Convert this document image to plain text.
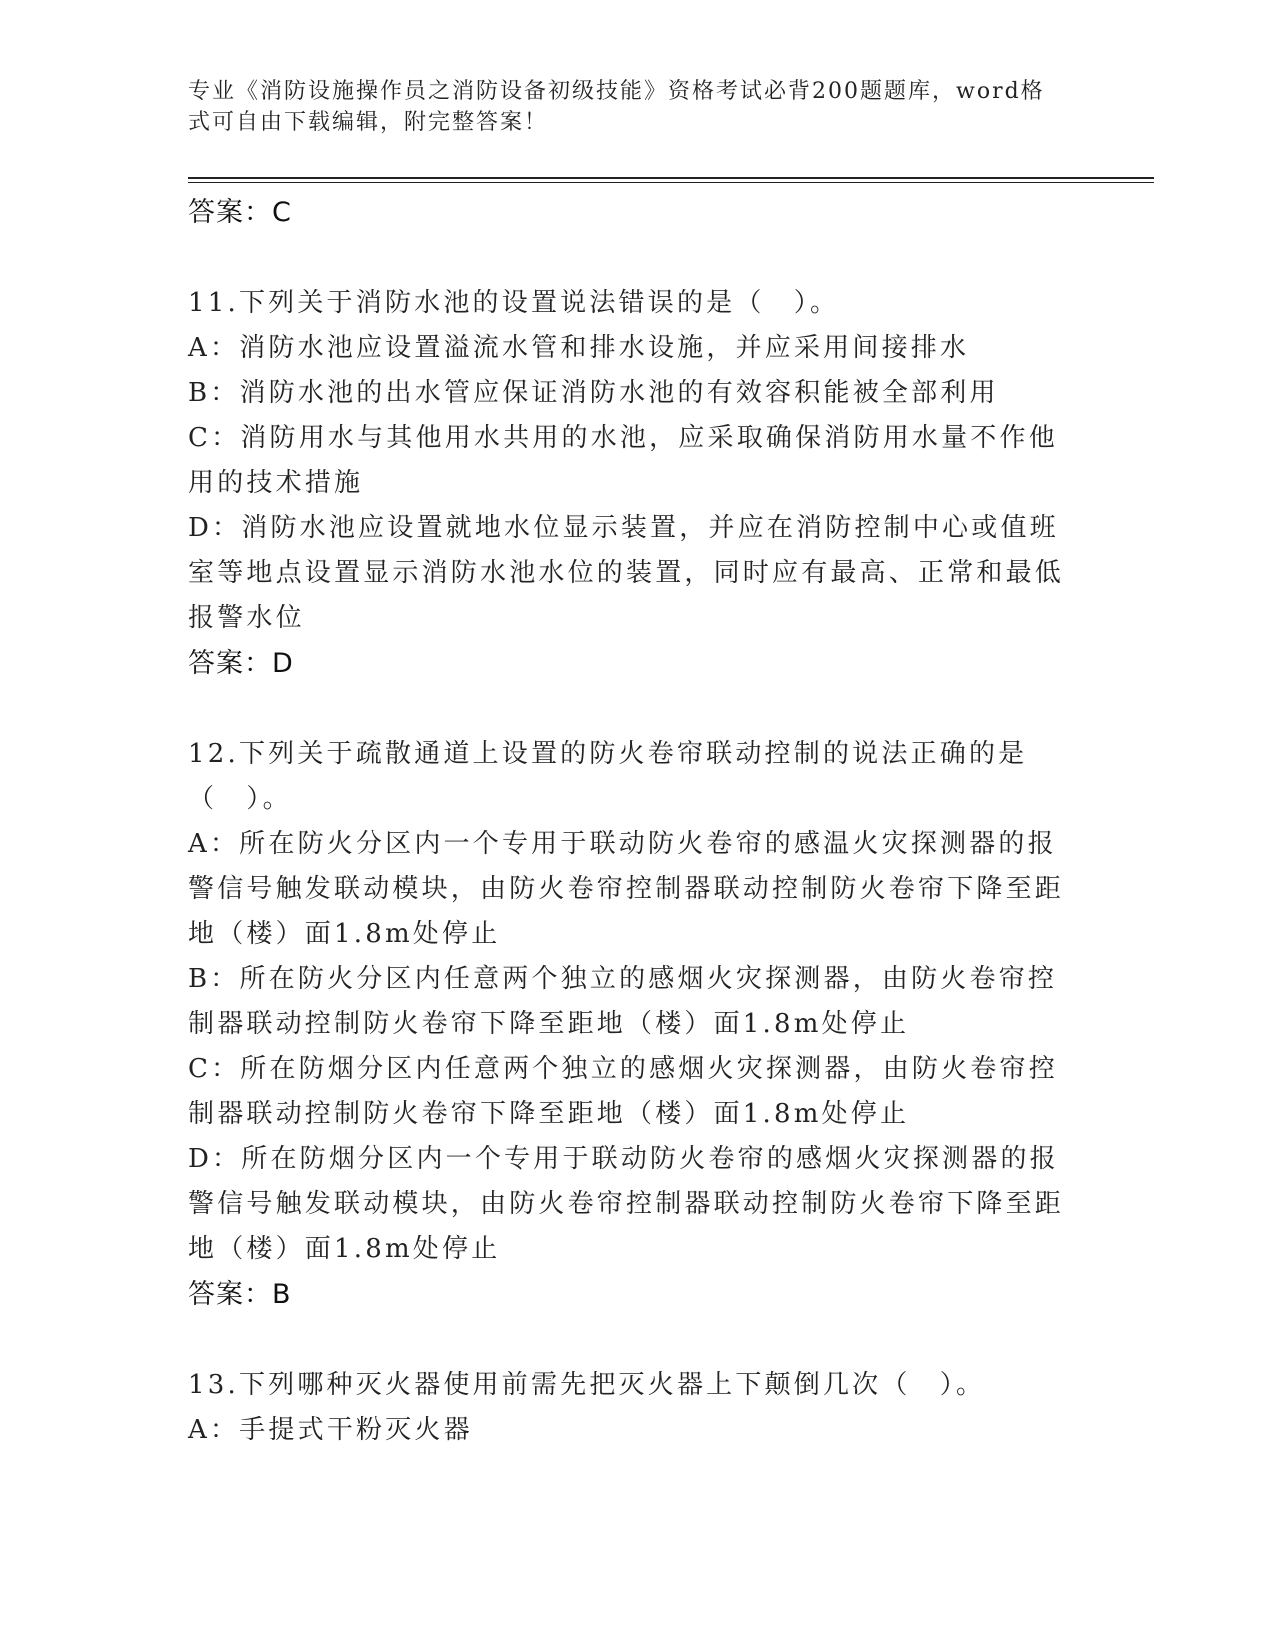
专业《消防设施操作员之消防设备初级技能》资格考试必背200题题库，word格式可自由下载编辑，附完整答案！
答案：C
11.下列关于消防水池的设置说法错误的是（　）。
A：消防水池应设置溢流水管和排水设施，并应采用间接排水
B：消防水池的出水管应保证消防水池的有效容积能被全部利用
C：消防用水与其他用水共用的水池，应采取确保消防用水量不作他用的技术措施
D：消防水池应设置就地水位显示装置，并应在消防控制中心或值班室等地点设置显示消防水池水位的装置，同时应有最高、正常和最低报警水位
答案：D
12.下列关于疏散通道上设置的防火卷帘联动控制的说法正确的是（　）。
A：所在防火分区内一个专用于联动防火卷帘的感温火灾探测器的报警信号触发联动模块，由防火卷帘控制器联动控制防火卷帘下降至距地（楼）面1.8m处停止
B：所在防火分区内任意两个独立的感烟火灾探测器，由防火卷帘控制器联动控制防火卷帘下降至距地（楼）面1.8m处停止
C：所在防烟分区内任意两个独立的感烟火灾探测器，由防火卷帘控制器联动控制防火卷帘下降至距地（楼）面1.8m处停止
D：所在防烟分区内一个专用于联动防火卷帘的感烟火灾探测器的报警信号触发联动模块，由防火卷帘控制器联动控制防火卷帘下降至距地（楼）面1.8m处停止
答案：B
13.下列哪种灭火器使用前需先把灭火器上下颠倒几次（　）。
A：手提式干粉灭火器
